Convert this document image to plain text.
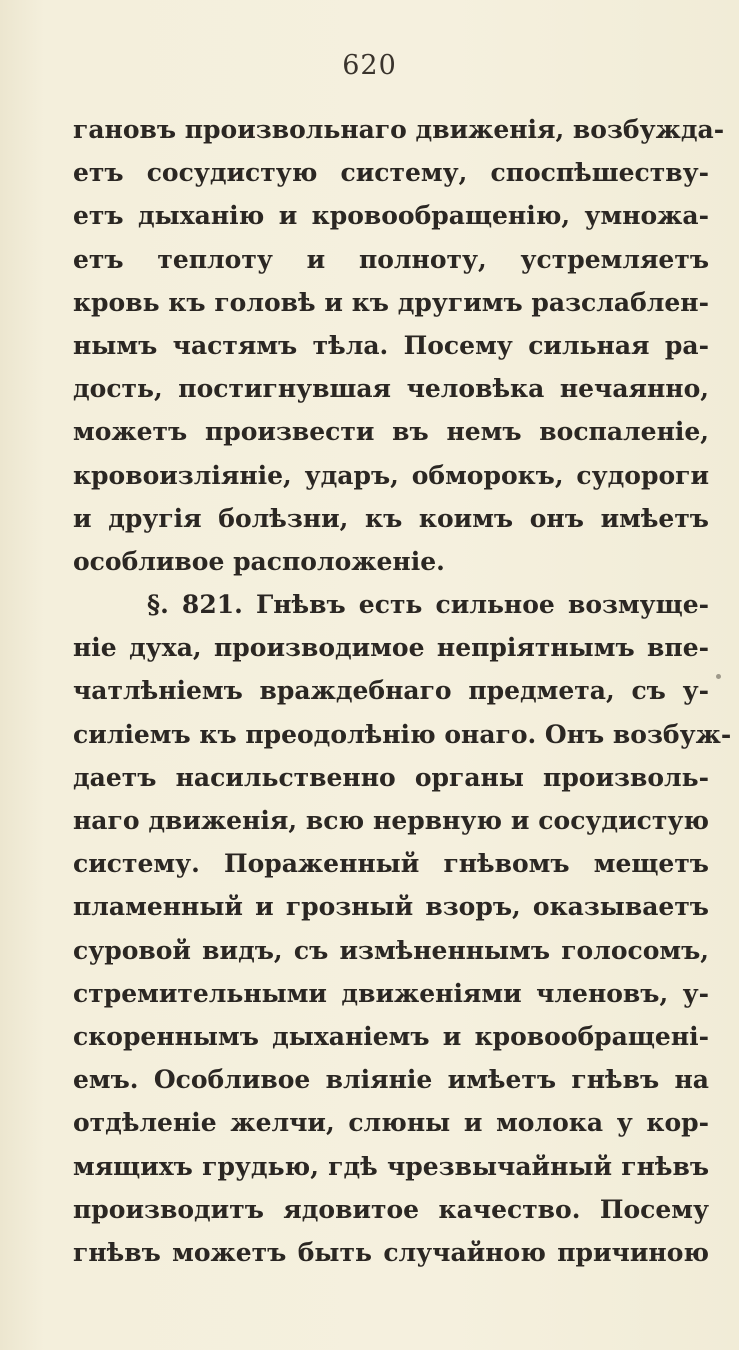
620
гановъ произвольнаго движенія, возбужда-
етъ сосудистую систему, споспѣшеству-
етъ дыханію и кровообращенію, умножа-
етъ теплоту и полноту, устремляетъ
кровь къ головѣ и къ другимъ разслаблен-
нымъ частямъ тѣла. Посему сильная ра-
дость, постигнувшая человѣка нечаянно,
можетъ произвести въ немъ воспаленіе,
кровоизліяніе, ударъ, обморокъ, судороги
и другія болѣзни, къ коимъ онъ имѣетъ
особливое расположеніе.
§. 821. Гнѣвъ есть сильное возмуще-
ніе духа, производимое непріятнымъ впе-
чатлѣніемъ враждебнаго предмета, съ у-
силіемъ къ преодолѣнію онаго. Онъ возбуж-
даетъ насильственно органы произволь-
наго движенія, всю нервную и сосудистую
систему. Пораженный гнѣвомъ мещетъ
пламенный и грозный взоръ, оказываетъ
суровой видъ, съ измѣненнымъ голосомъ,
стремительными движеніями членовъ, у-
скореннымъ дыханіемъ и кровообращені-
емъ. Особливое вліяніе имѣетъ гнѣвъ на
отдѣленіе желчи, слюны и молока у кор-
мящихъ грудью, гдѣ чрезвычайный гнѣвъ
производитъ ядовитое качество. Посему
гнѣвъ можетъ быть случайною причиною
